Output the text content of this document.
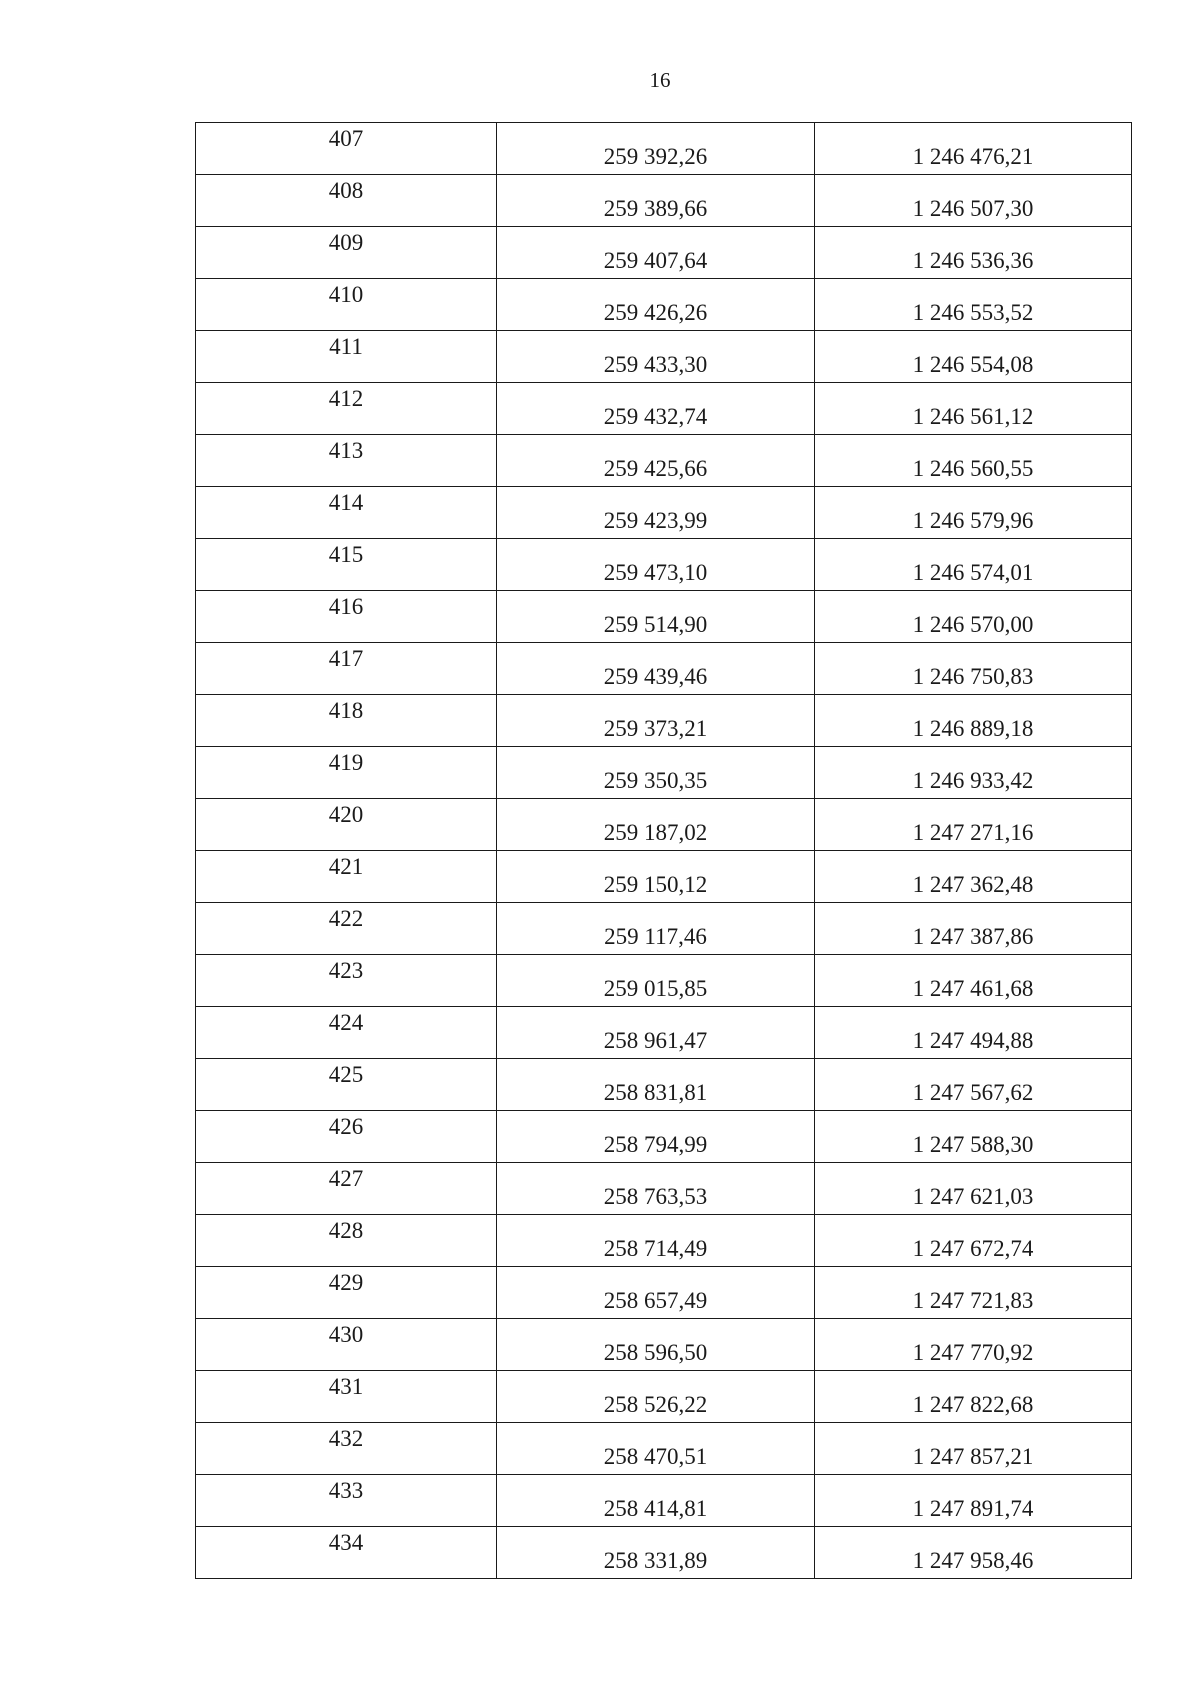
16
407	259 392,26	1 246 476,21
408	259 389,66	1 246 507,30
409	259 407,64	1 246 536,36
410	259 426,26	1 246 553,52
411	259 433,30	1 246 554,08
412	259 432,74	1 246 561,12
413	259 425,66	1 246 560,55
414	259 423,99	1 246 579,96
415	259 473,10	1 246 574,01
416	259 514,90	1 246 570,00
417	259 439,46	1 246 750,83
418	259 373,21	1 246 889,18
419	259 350,35	1 246 933,42
420	259 187,02	1 247 271,16
421	259 150,12	1 247 362,48
422	259 117,46	1 247 387,86
423	259 015,85	1 247 461,68
424	258 961,47	1 247 494,88
425	258 831,81	1 247 567,62
426	258 794,99	1 247 588,30
427	258 763,53	1 247 621,03
428	258 714,49	1 247 672,74
429	258 657,49	1 247 721,83
430	258 596,50	1 247 770,92
431	258 526,22	1 247 822,68
432	258 470,51	1 247 857,21
433	258 414,81	1 247 891,74
434	258 331,89	1 247 958,46
